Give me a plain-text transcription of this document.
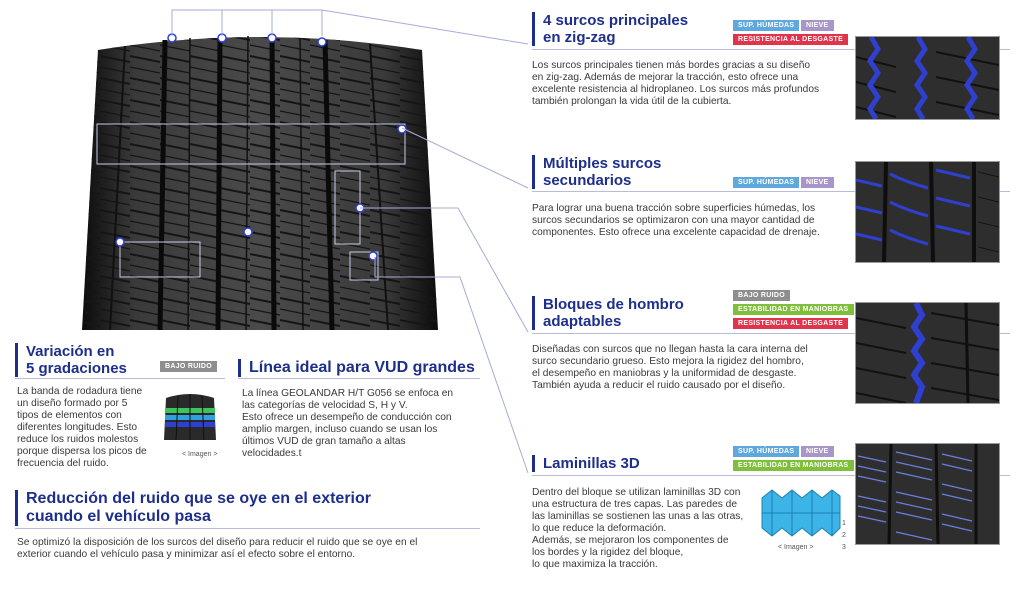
4 surcos principales
en zig-zag
SUP. HÚMEDAS	NIEVE
RESISTENCIA AL DESGASTE
Los surcos principales tienen más bordes gracias a su diseño
en zig-zag. Además de mejorar la tracción, esto ofrece una
excelente resistencia al hidroplaneo. Los surcos más profundos
también prolongan la vida útil de la cubierta.
Múltiples surcos
secundarios	SUP. HÚMEDAS	NIEVE
Para lograr una buena tracción sobre superficies húmedas, los
surcos secundarios se optimizaron con una mayor cantidad de
componentes. Esto ofrece una excelente capacidad de drenaje.
Bloques de hombro
adaptables
BAJO RUIDO
ESTABILIDAD EN MANIOBRAS
RESISTENCIA AL DESGASTE
Diseñadas con surcos que no llegan hasta la cara interna del
surco secundario grueso. Esto mejora la rigidez del hombro,
el desempeño en maniobras y la uniformidad de desgaste.
También ayuda a reducir el ruido causado por el diseño.
Laminillas 3D
SUP. HÚMEDAS	NIEVE
ESTABILIDAD EN MANIOBRAS
Dentro del bloque se utilizan laminillas 3D con
una estructura de tres capas. Las paredes de
las laminillas se sostienen las unas a las otras,
lo que reduce la deformación.
Además, se mejoraron los componentes de
los bordes y la rigidez del bloque,
lo que maximiza la tracción.
1
2
3
< Imagen >
Variación en
5 gradaciones	BAJO RUIDO
La banda de rodadura tiene
un diseño formado por 5
tipos de elementos con
diferentes longitudes. Esto
reduce los ruidos molestos
porque dispersa los picos de
frecuencia del ruido.
< Imagen >
Línea ideal para VUD grandes
La línea GEOLANDAR H/T G056 se enfoca en
las categorías de velocidad S, H y V.
Esto ofrece un desempeño de conducción con
amplio margen, incluso cuando se usan los
últimos VUD de gran tamaño a altas
velocidades.t
Reducción del ruido que se oye en el exterior
cuando el vehículo pasa
Se optimizó la disposición de los surcos del diseño para reducir el ruido que se oye en el
exterior cuando el vehículo pasa y minimizar así el efecto sobre el entorno.
